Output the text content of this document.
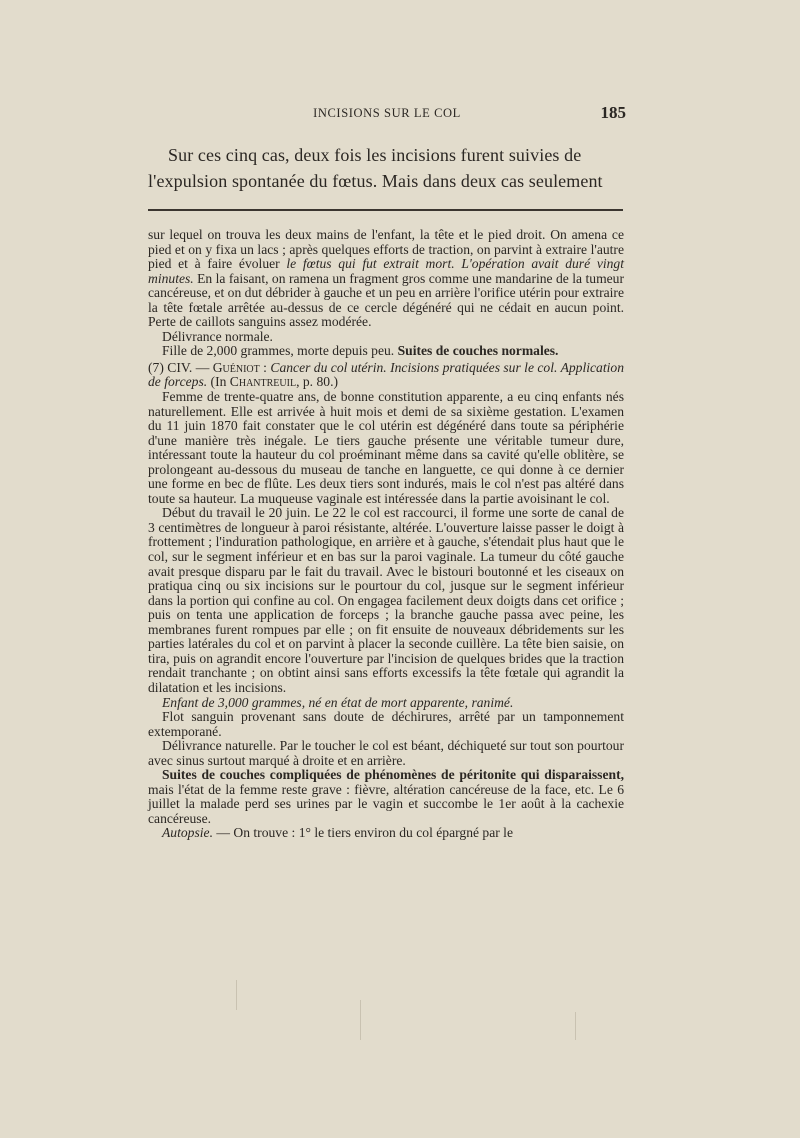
INCISIONS SUR LE COL	185
Sur ces cinq cas, deux fois les incisions furent suivies de
l'expulsion spontanée du fœtus. Mais dans deux cas seulement

sur lequel on trouva les deux mains de l'enfant, la tête et le pied droit. On amena ce pied et on y fixa un lacs ; après quelques efforts de traction, on parvint à extraire l'autre pied et à faire évoluer le fœtus qui fut extrait mort. L'opération avait duré vingt minutes. En la faisant, on ramena un fragment gros comme une mandarine de la tumeur cancéreuse, et on dut débrider à gauche et un peu en arrière l'orifice utérin pour extraire la tête fœtale arrêtée au-dessus de ce cercle dégénéré qui ne cédait en aucun point. Perte de caillots sanguins assez modérée.

Délivrance normale.

Fille de 2,000 grammes, morte depuis peu. Suites de couches normales.

(7) CIV. — Guéniot : Cancer du col utérin. Incisions pratiquées sur le col. Application de forceps. (In Chantreuil, p. 80.)

Femme de trente-quatre ans, de bonne constitution apparente, a eu cinq enfants nés naturellement. Elle est arrivée à huit mois et demi de sa sixième gestation. L'examen du 11 juin 1870 fait constater que le col utérin est dégénéré dans toute sa périphérie d'une manière très inégale. Le tiers gauche présente une véritable tumeur dure, intéressant toute la hauteur du col proéminant même dans sa cavité qu'elle oblitère, se prolongeant au-dessous du museau de tanche en languette, ce qui donne à ce dernier une forme en bec de flûte. Les deux tiers sont indurés, mais le col n'est pas altéré dans toute sa hauteur. La muqueuse vaginale est intéressée dans la partie avoisinant le col.

Début du travail le 20 juin. Le 22 le col est raccourci, il forme une sorte de canal de 3 centimètres de longueur à paroi résistante, altérée. L'ouverture laisse passer le doigt à frottement ; l'induration pathologique, en arrière et à gauche, s'étendait plus haut que le col, sur le segment inférieur et en bas sur la paroi vaginale. La tumeur du côté gauche avait presque disparu par le fait du travail. Avec le bistouri boutonné et les ciseaux on pratiqua cinq ou six incisions sur le pourtour du col, jusque sur le segment inférieur dans la portion qui confine au col. On engagea facilement deux doigts dans cet orifice ; puis on tenta une application de forceps ; la branche gauche passa avec peine, les membranes furent rompues par elle ; on fit ensuite de nouveaux débridements sur les parties latérales du col et on parvint à placer la seconde cuillère. La tête bien saisie, on tira, puis on agrandit encore l'ouverture par l'incision de quelques brides que la traction rendait tranchante ; on obtint ainsi sans efforts excessifs la tête fœtale qui agrandit la dilatation et les incisions.

Enfant de 3,000 grammes, né en état de mort apparente, ranimé.

Flot sanguin provenant sans doute de déchirures, arrêté par un tamponnement extemporané.

Délivrance naturelle. Par le toucher le col est béant, déchiqueté sur tout son pourtour avec sinus surtout marqué à droite et en arrière.

Suites de couches compliquées de phénomènes de péritonite qui disparaissent, mais l'état de la femme reste grave : fièvre, altération cancéreuse de la face, etc. Le 6 juillet la malade perd ses urines par le vagin et succombe le 1er août à la cachexie cancéreuse.

Autopsie. — On trouve : 1° le tiers environ du col épargné par le
